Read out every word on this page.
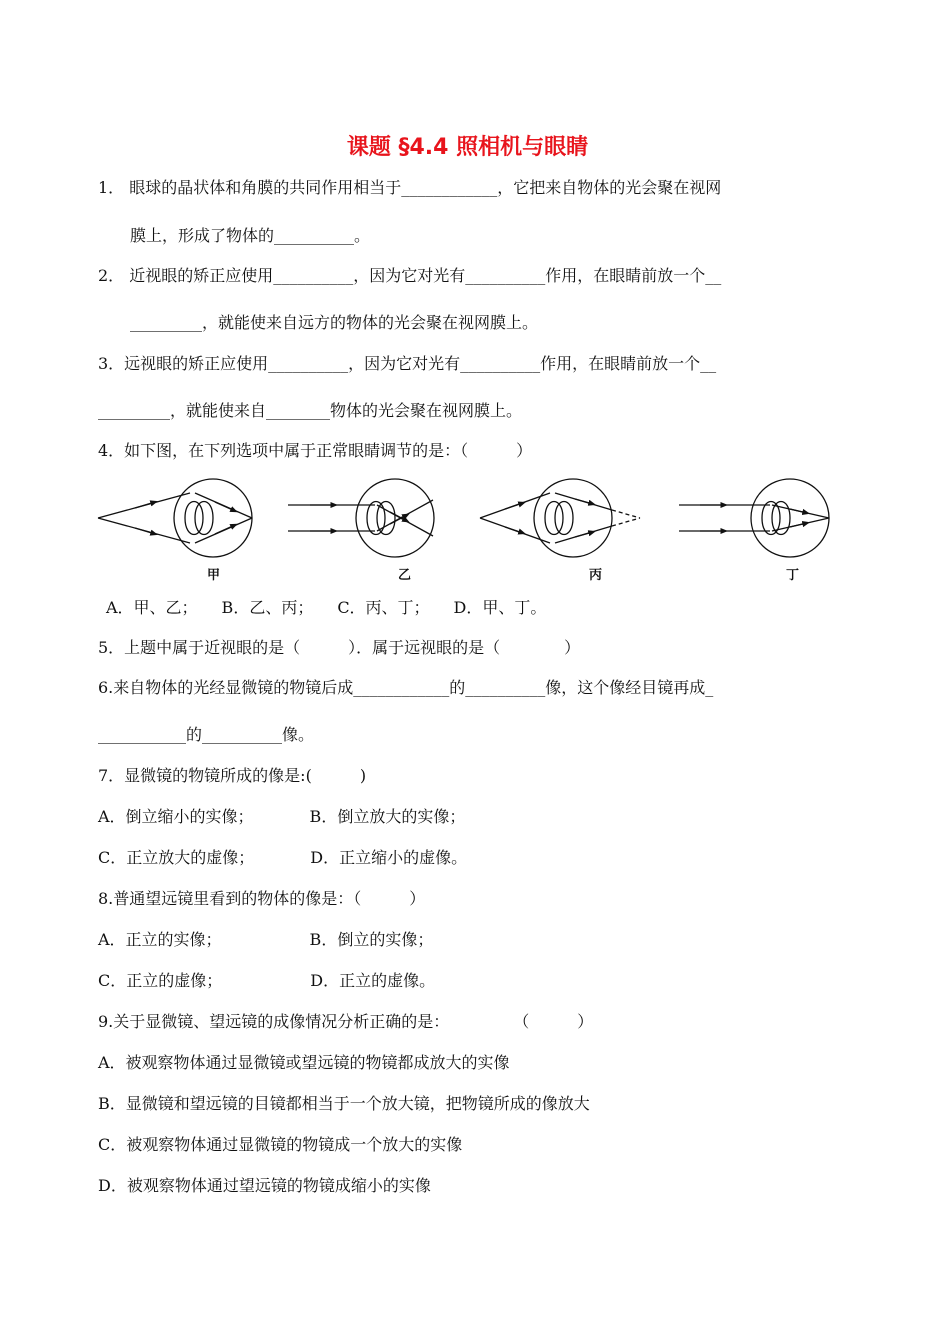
课题 §4.4 照相机与眼睛
1． 眼球的晶状体和角膜的共同作用相当于____________，它把来自物体的光会聚在视网
膜上，形成了物体的__________。
2． 近视眼的矫正应使用__________，因为它对光有__________作用，在眼睛前放一个__
_________，就能使来自远方的物体的光会聚在视网膜上。
3．远视眼的矫正应使用__________，因为它对光有__________作用，在眼睛前放一个__
_________，就能使来自________物体的光会聚在视网膜上。
4．如下图，在下列选项中属于正常眼睛调节的是：（　　　）
甲	乙	丙	丁
A．甲、乙；　　B．乙、丙；　　C．丙、丁；　　D．甲、丁。
5．上题中属于近视眼的是（　　　）．属于远视眼的是（　　　　）
6.来自物体的光经显微镜的物镜后成____________的__________像，这个像经目镜再成_
___________的__________像。
7．显微镜的物镜所成的像是:(　　　)
A．倒立缩小的实像；　　　　B．倒立放大的实像；
C．正立放大的虚像；　　　　D．正立缩小的虚像。
8.普通望远镜里看到的物体的像是：（　　　）
A．正立的实像；　　　　　　B．倒立的实像；
C．正立的虚像；　　　　　　D．正立的虚像。
9.关于显微镜、望远镜的成像情况分析正确的是：　　　　　（　　　）
A．被观察物体通过显微镜或望远镜的物镜都成放大的实像
B．显微镜和望远镜的目镜都相当于一个放大镜，把物镜所成的像放大
C．被观察物体通过显微镜的物镜成一个放大的实像
D．被观察物体通过望远镜的物镜成缩小的实像
